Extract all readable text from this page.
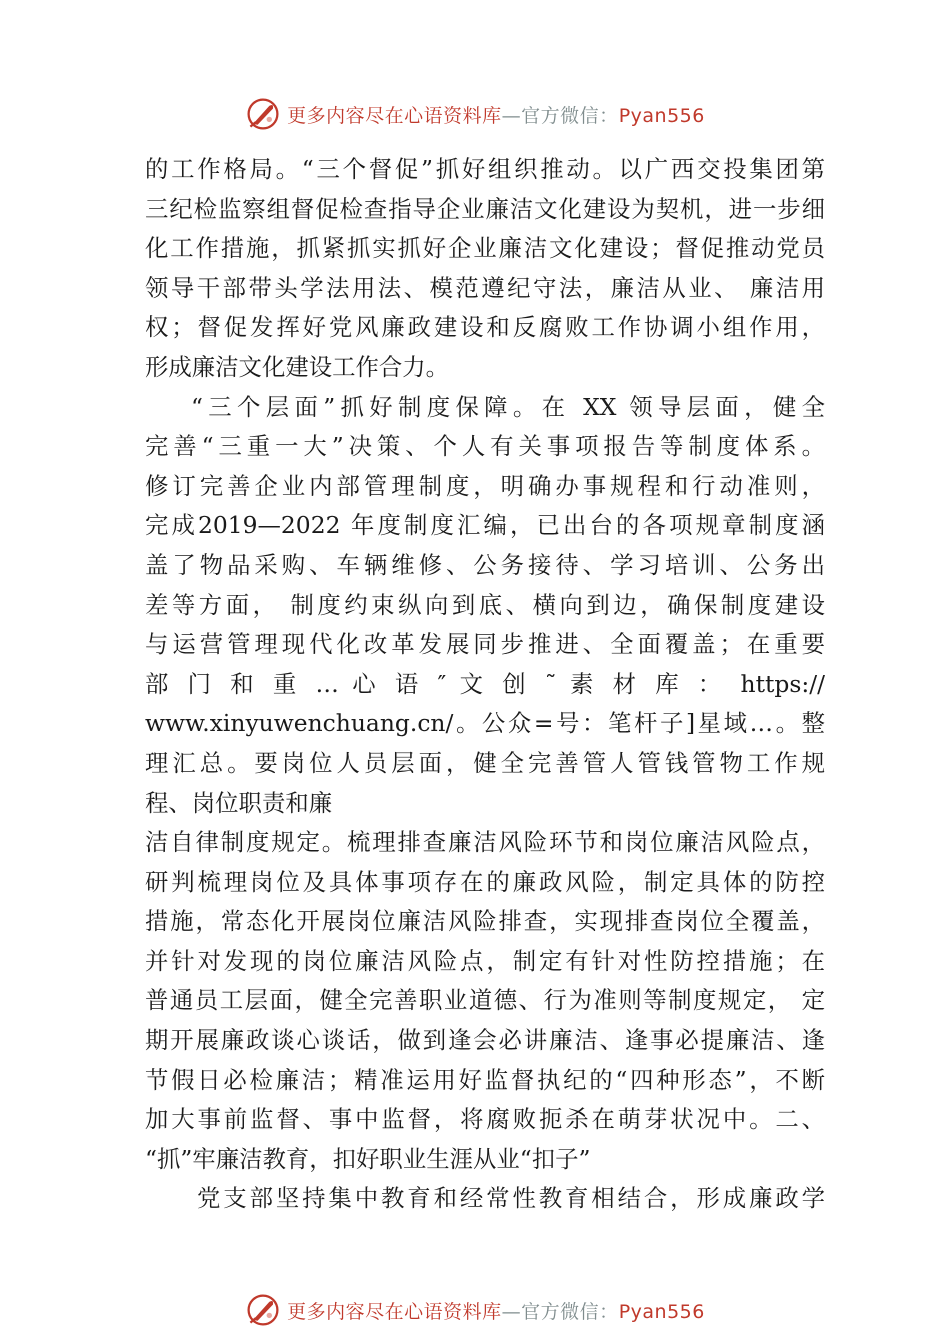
更多内容尽在心语资料库—官方微信：Pyan556
的工作格局。“三个督促”抓好组织推动。以广西交投集团第
三纪检监察组督促检查指导企业廉洁文化建设为契机，进一步细
化工作措施，抓紧抓实抓好企业廉洁文化建设；督促推动党员
领导干部带头学法用法、模范遵纪守法，廉洁从业、 廉洁用
权；督促发挥好党风廉政建设和反腐败工作协调小组作用，
形成廉洁文化建设工作合力。
“三个层面”抓好制度保障。在 XX 领导层面，健全
完善“三重一大”决策、个人有关事项报告等制度体系。
修订完善企业内部管理制度，明确办事规程和行动准则，
完成2019—2022 年度制度汇编，已出台的各项规章制度涵
盖了物品采购、车辆维修、公务接待、学习培训、公务出
差等方面， 制度约束纵向到底、横向到边，确保制度建设
与运营管理现代化改革发展同步推进、全面覆盖；在重要
部 门 和 重 … 心 语 ″ 文 创 ˜ 素 材 库 ： https://
www.xinyuwenchuang.cn/。公众=号：笔杆子]星域…。整
理汇总。要岗位人员层面，健全完善管人管钱管物工作规
程、岗位职责和廉
洁自律制度规定。梳理排查廉洁风险环节和岗位廉洁风险点，
研判梳理岗位及具体事项存在的廉政风险，制定具体的防控
措施，常态化开展岗位廉洁风险排查，实现排查岗位全覆盖，
并针对发现的岗位廉洁风险点，制定有针对性防控措施；在
普通员工层面，健全完善职业道德、行为准则等制度规定， 定
期开展廉政谈心谈话，做到逢会必讲廉洁、逢事必提廉洁、逢
节假日必检廉洁；精准运用好监督执纪的“四种形态”，不断
加大事前监督、事中监督，将腐败扼杀在萌芽状况中。二、
“抓”牢廉洁教育，扣好职业生涯从业“扣子”
党支部坚持集中教育和经常性教育相结合，形成廉政学
更多内容尽在心语资料库—官方微信：Pyan556
